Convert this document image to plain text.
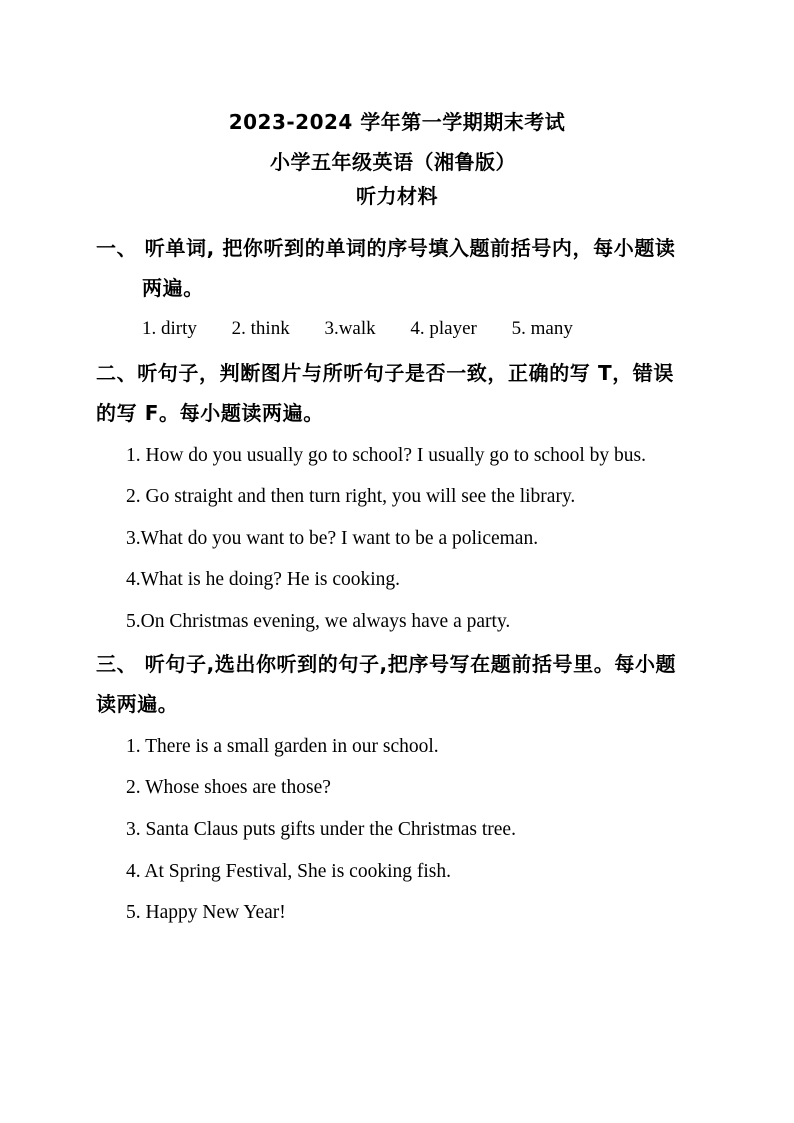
2023-2024 学年第一学期期末考试
小学五年级英语（湘鲁版）
听力材料
一、 听单词, 把你听到的单词的序号填入题前括号内，每小题读
两遍。
1. dirty 2. think 3.walk 4. player 5. many
二、听句子，判断图片与所听句子是否一致，正确的写 T，错误
的写 F。每小题读两遍。
1. How do you usually go to school? I usually go to school by bus.
2. Go straight and then turn right, you will see the library.
3.What do you want to be? I want to be a policeman.
4.What is he doing? He is cooking.
5.On Christmas evening, we always have a party.
三、 听句子,选出你听到的句子,把序号写在题前括号里。每小题
读两遍。
1. There is a small garden in our school.
2. Whose shoes are those?
3. Santa Claus puts gifts under the Christmas tree.
4. At Spring Festival, She is cooking fish.
5. Happy New Year!
